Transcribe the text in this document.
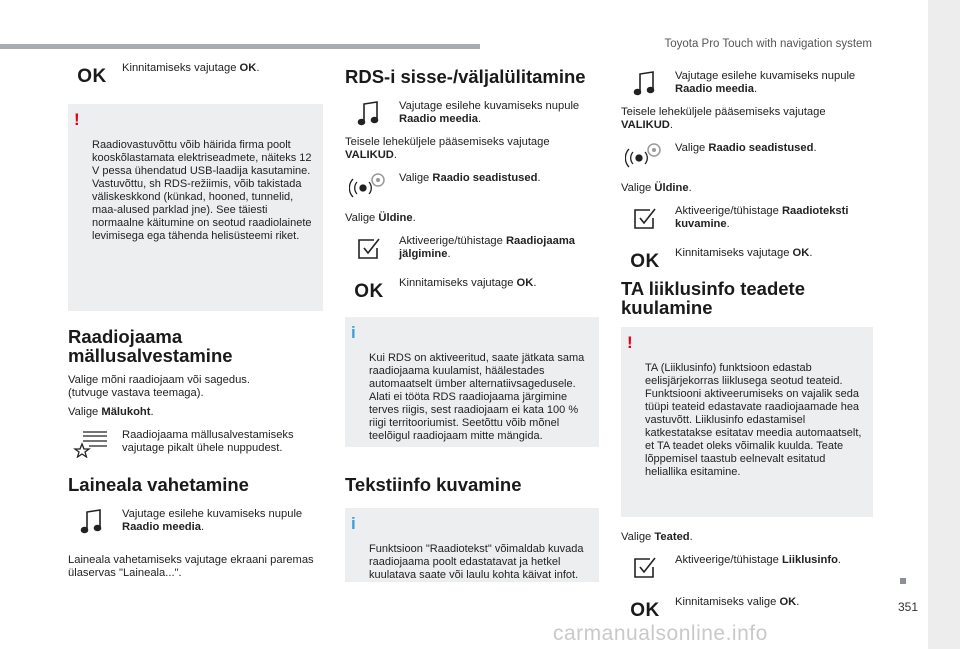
Toyota Pro Touch with navigation system
351
carmanualsonline.info
OK Kinnitamiseks vajutage OK.

!

Raadiovastuvõttu võib häirida firma poolt kooskõlastamata elektriseadmete, näiteks 12 V pessa ühendatud USB-laadija kasutamine.
Vastuvõttu, sh RDS-režiimis, võib takistada väliskeskkond (künkad, hooned, tunnelid, maa-alused parklad jne). See täiesti normaalne käitumine on seotud raadiolainete levimisega ega tähenda helisüsteemi riket.

Raadiojaama mällusalvestamine
Valige mõni raadiojaam või sagedus.
(tutvuge vastava teemaga).
Valige Mälukoht.
Raadiojaama mällusalvestamiseks vajutage pikalt ühele nuppudest.
Laineala vahetamine
Vajutage esilehe kuvamiseks nupule Raadio meedia.
Laineala vahetamiseks vajutage ekraani paremas ülaservas "Laineala...".
RDS-i sisse-/väljalülitamine
Vajutage esilehe kuvamiseks nupule Raadio meedia.
Teisele leheküljele pääsemiseks vajutage VALIKUD.
Valige Raadio seadistused.
Valige Üldine.
Aktiveerige/tühistage Raadiojaama jälgimine.
OK Kinnitamiseks vajutage OK.

i

Kui RDS on aktiveeritud, saate jätkata sama raadiojaama kuulamist, häälestades automaatselt ümber alternatiivsagedusele. Alati ei tööta RDS raadiojaama järgimine terves riigis, sest raadiojaam ei kata 100 % riigi territooriumist. Seetõttu võib mõnel teelõigul raadiojaam mitte mängida.

Tekstiinfo kuvamine

i

Funktsioon "Raadiotekst" võimaldab kuvada raadiojaama poolt edastatavat ja hetkel kuulatava saate või laulu kohta käivat infot.

Vajutage esilehe kuvamiseks nupule Raadio meedia.
Teisele leheküljele pääsemiseks vajutage VALIKUD.
Valige Raadio seadistused.
Valige Üldine.
Aktiveerige/tühistage Raadioteksti kuvamine.
OK Kinnitamiseks vajutage OK.
TA liiklusinfo teadete kuulamine

!

TA (Liiklusinfo) funktsioon edastab eelisjärjekorras liiklusega seotud teateid. Funktsiooni aktiveerumiseks on vajalik seda tüüpi teateid edastavate raadiojaamade hea vastuvõtt. Liiklusinfo edastamisel katkestatakse esitatav meedia automaatselt, et TA teadet oleks võimalik kuulda. Teate lõppemisel taastub eelnevalt esitatud heliallika esitamine.

Valige Teated.
Aktiveerige/tühistage Liiklusinfo.
OK Kinnitamiseks valige OK.
